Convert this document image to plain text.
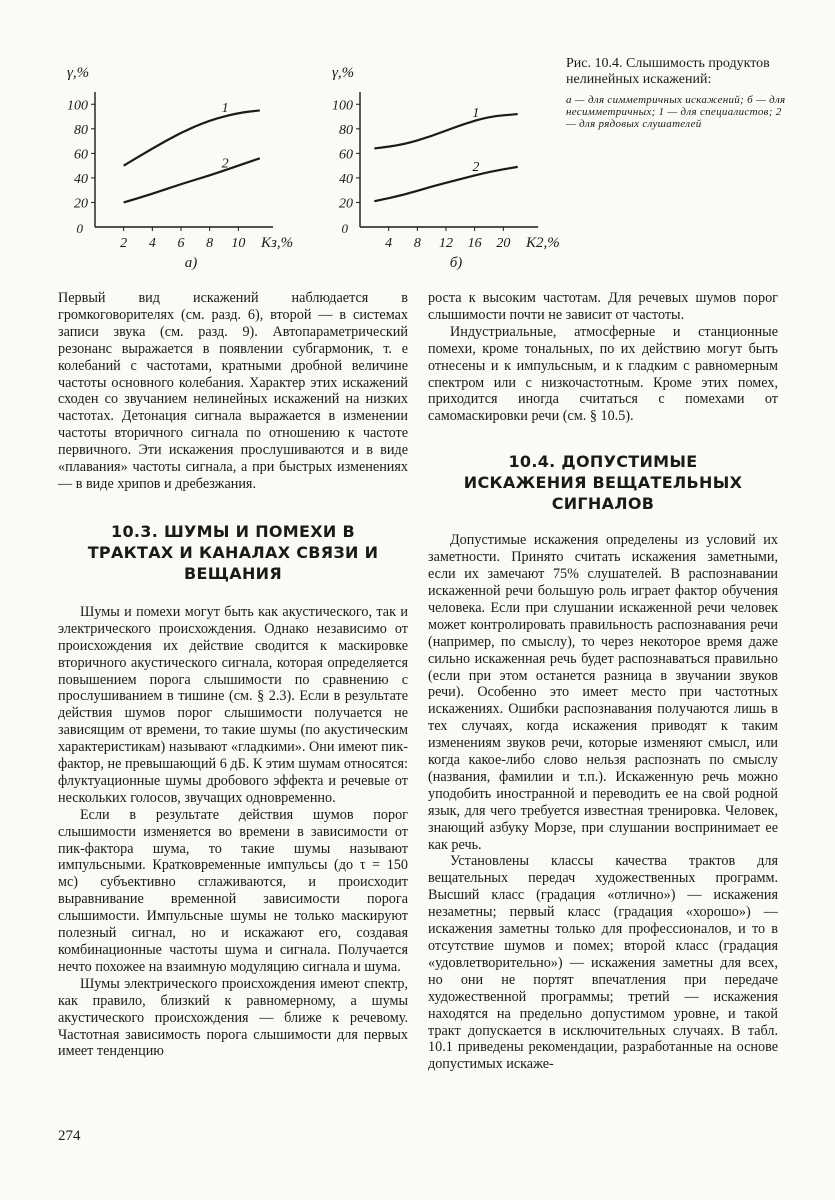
20
40
60
80
100
2 4 6 8 10
0
γ,%
Kз,%
а)
1
2
20
40
60
80
100
4 8 12 16 20
0
γ,%
K2,%
б)
1
2

Рис. 10.4. Слышимость продуктов нелинейных искажений:

а — для симметричных искажений; б — для несимметричных; 1 — для специалистов; 2 — для рядовых слушателей

Первый вид искажений наблюдается в громкоговорителях (см. разд. 6), второй — в системах записи звука (см. разд. 9). Автопараметрический резонанс выражается в появлении субгармоник, т. е колебаний с частотами, кратными дробной величине частоты основного колебания. Характер этих искажений сходен со звучанием нелинейных искажений на низких частотах. Детонация сигнала выражается в изменении частоты вторичного сигнала по отношению к частоте первичного. Эти искажения прослушиваются и в виде «плавания» частоты сигнала, а при быстрых изменениях — в виде хрипов и дребезжания.

10.3. ШУМЫ И ПОМЕХИ В ТРАКТАХ И КАНАЛАХ СВЯЗИ И ВЕЩАНИЯ

Шумы и помехи могут быть как акустического, так и электрического происхождения. Однако независимо от происхождения их действие сводится к маскировке вторичного акустического сигнала, которая определяется повышением порога слышимости по сравнению с прослушиванием в тишине (см. § 2.3). Если в результате действия шумов порог слышимости получается не зависящим от времени, то такие шумы (по акустическим характеристикам) называют «гладкими». Они имеют пик-фактор, не превышающий 6 дБ. К этим шумам относятся: флуктуационные шумы дробового эффекта и речевые от нескольких голосов, звучащих одновременно.

Если в результате действия шумов порог слышимости изменяется во времени в зависимости от пик-фактора шума, то такие шумы называют импульсными. Кратковременные импульсы (до τ = 150 мс) субъективно сглаживаются, и происходит выравнивание временной зависимости порога слышимости. Импульсные шумы не только маскируют полезный сигнал, но и искажают его, создавая комбинационные частоты шума и сигнала. Получается нечто похожее на взаимную модуляцию сигнала и шума.

Шумы электрического происхождения имеют спектр, как правило, близкий к равномерному, а шумы акустического происхождения — ближе к речевому. Частотная зависимость порога слышимости для первых имеет тенденцию

роста к высоким частотам. Для речевых шумов порог слышимости почти не зависит от частоты.

Индустриальные, атмосферные и станционные помехи, кроме тональных, по их действию могут быть отнесены и к импульсным, и к гладким с равномерным спектром или с низкочастотным. Кроме этих помех, приходится иногда считаться с помехами от самомаскировки речи (см. § 10.5).

10.4. ДОПУСТИМЫЕ ИСКАЖЕНИЯ ВЕЩАТЕЛЬНЫХ СИГНАЛОВ

Допустимые искажения определены из условий их заметности. Принято считать искажения заметными, если их замечают 75% слушателей. В распознавании искаженной речи большую роль играет фактор обучения человека. Если при слушании искаженной речи человек может контролировать правильность распознавания речи (например, по смыслу), то через некоторое время даже сильно искаженная речь будет распознаваться правильно (если при этом останется разница в звучании звуков речи). Особенно это имеет место при частотных искажениях. Ошибки распознавания получаются лишь в тех случаях, когда искажения приводят к таким изменениям звуков речи, которые изменяют смысл, или когда какое-либо слово нельзя распознать по смыслу (названия, фамилии и т.п.). Искаженную речь можно уподобить иностранной и переводить ее на свой родной язык, для чего требуется известная тренировка. Человек, знающий азбуку Морзе, при слушании воспринимает ее как речь.

Установлены классы качества трактов для вещательных передач художественных программ. Высший класс (градация «отлично») — искажения незаметны; первый класс (градация «хорошо») — искажения заметны только для профессионалов, и то в отсутствие шумов и помех; второй класс (градация «удовлетворительно») — искажения заметны для всех, но они не портят впечатления при передаче художественной программы; третий — искажения находятся на предельно допустимом уровне, и такой тракт допускается в исключительных случаях. В табл. 10.1 приведены рекомендации, разработанные на основе допустимых искаже-

274
